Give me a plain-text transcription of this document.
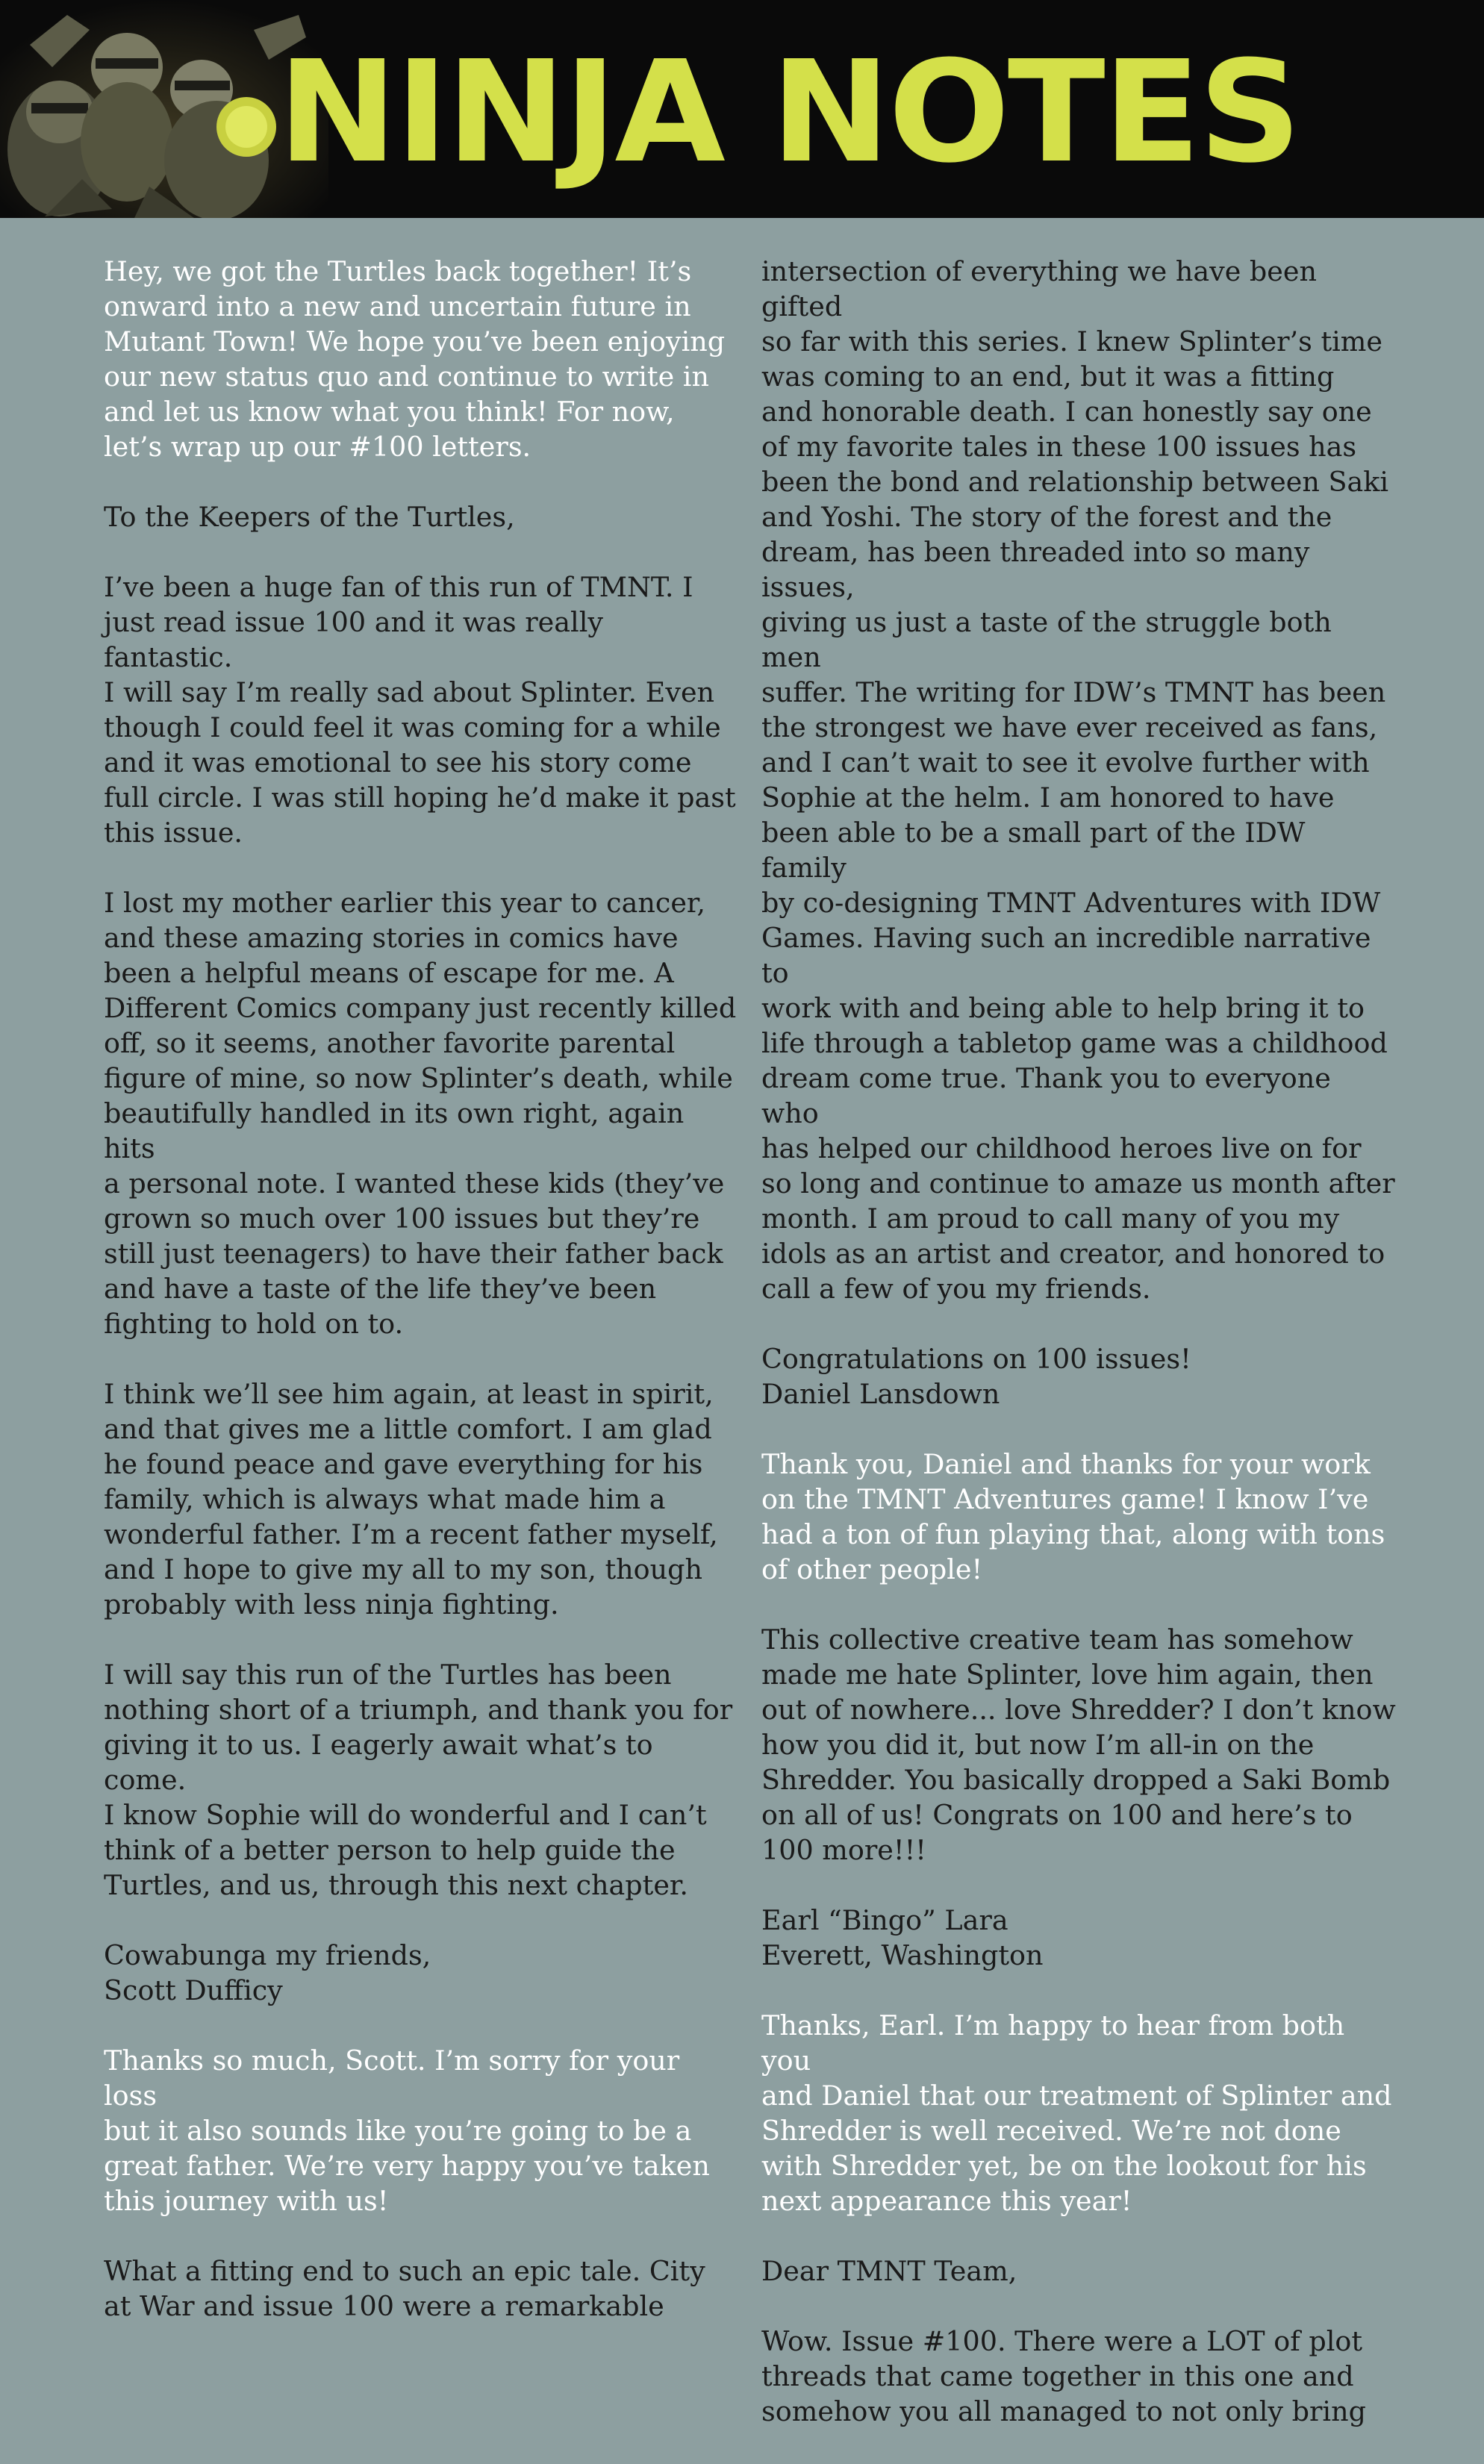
NINJA NOTES

Hey, we got the Turtles back together! It’s
onward into a new and uncertain future in
Mutant Town! We hope you’ve been enjoying
our new status quo and continue to write in
and let us know what you think! For now,
let’s wrap up our #100 letters.

To the Keepers of the Turtles,

I’ve been a huge fan of this run of TMNT. I
just read issue 100 and it was really fantastic.
I will say I’m really sad about Splinter. Even
though I could feel it was coming for a while
and it was emotional to see his story come
full circle. I was still hoping he’d make it past
this issue.

I lost my mother earlier this year to cancer,
and these amazing stories in comics have
been a helpful means of escape for me. A
Different Comics company just recently killed
off, so it seems, another favorite parental
figure of mine, so now Splinter’s death, while
beautifully handled in its own right, again hits
a personal note. I wanted these kids (they’ve
grown so much over 100 issues but they’re
still just teenagers) to have their father back
and have a taste of the life they’ve been
fighting to hold on to.

I think we’ll see him again, at least in spirit,
and that gives me a little comfort. I am glad
he found peace and gave everything for his
family, which is always what made him a
wonderful father. I’m a recent father myself,
and I hope to give my all to my son, though
probably with less ninja fighting.

I will say this run of the Turtles has been
nothing short of a triumph, and thank you for
giving it to us. I eagerly await what’s to come.
I know Sophie will do wonderful and I can’t
think of a better person to help guide the
Turtles, and us, through this next chapter.

Cowabunga my friends,
Scott Dufficy

Thanks so much, Scott. I’m sorry for your loss
but it also sounds like you’re going to be a
great father. We’re very happy you’ve taken
this journey with us!

What a fitting end to such an epic tale. City
at War and issue 100 were a remarkable

intersection of everything we have been gifted
so far with this series. I knew Splinter’s time
was coming to an end, but it was a fitting
and honorable death. I can honestly say one
of my favorite tales in these 100 issues has
been the bond and relationship between Saki
and Yoshi. The story of the forest and the
dream, has been threaded into so many issues,
giving us just a taste of the struggle both men
suffer. The writing for IDW’s TMNT has been
the strongest we have ever received as fans,
and I can’t wait to see it evolve further with
Sophie at the helm. I am honored to have
been able to be a small part of the IDW family
by co-designing TMNT Adventures with IDW
Games. Having such an incredible narrative to
work with and being able to help bring it to
life through a tabletop game was a childhood
dream come true. Thank you to everyone who
has helped our childhood heroes live on for
so long and continue to amaze us month after
month. I am proud to call many of you my
idols as an artist and creator, and honored to
call a few of you my friends.

Congratulations on 100 issues!
Daniel Lansdown

Thank you, Daniel and thanks for your work
on the TMNT Adventures game! I know I’ve
had a ton of fun playing that, along with tons
of other people!

This collective creative team has somehow
made me hate Splinter, love him again, then
out of nowhere... love Shredder? I don’t know
how you did it, but now I’m all-in on the
Shredder. You basically dropped a Saki Bomb
on all of us! Congrats on 100 and here’s to
100 more!!!

Earl “Bingo” Lara
Everett, Washington

Thanks, Earl. I’m happy to hear from both you
and Daniel that our treatment of Splinter and
Shredder is well received. We’re not done
with Shredder yet, be on the lookout for his
next appearance this year!

Dear TMNT Team,

Wow. Issue #100. There were a LOT of plot
threads that came together in this one and
somehow you all managed to not only bring
